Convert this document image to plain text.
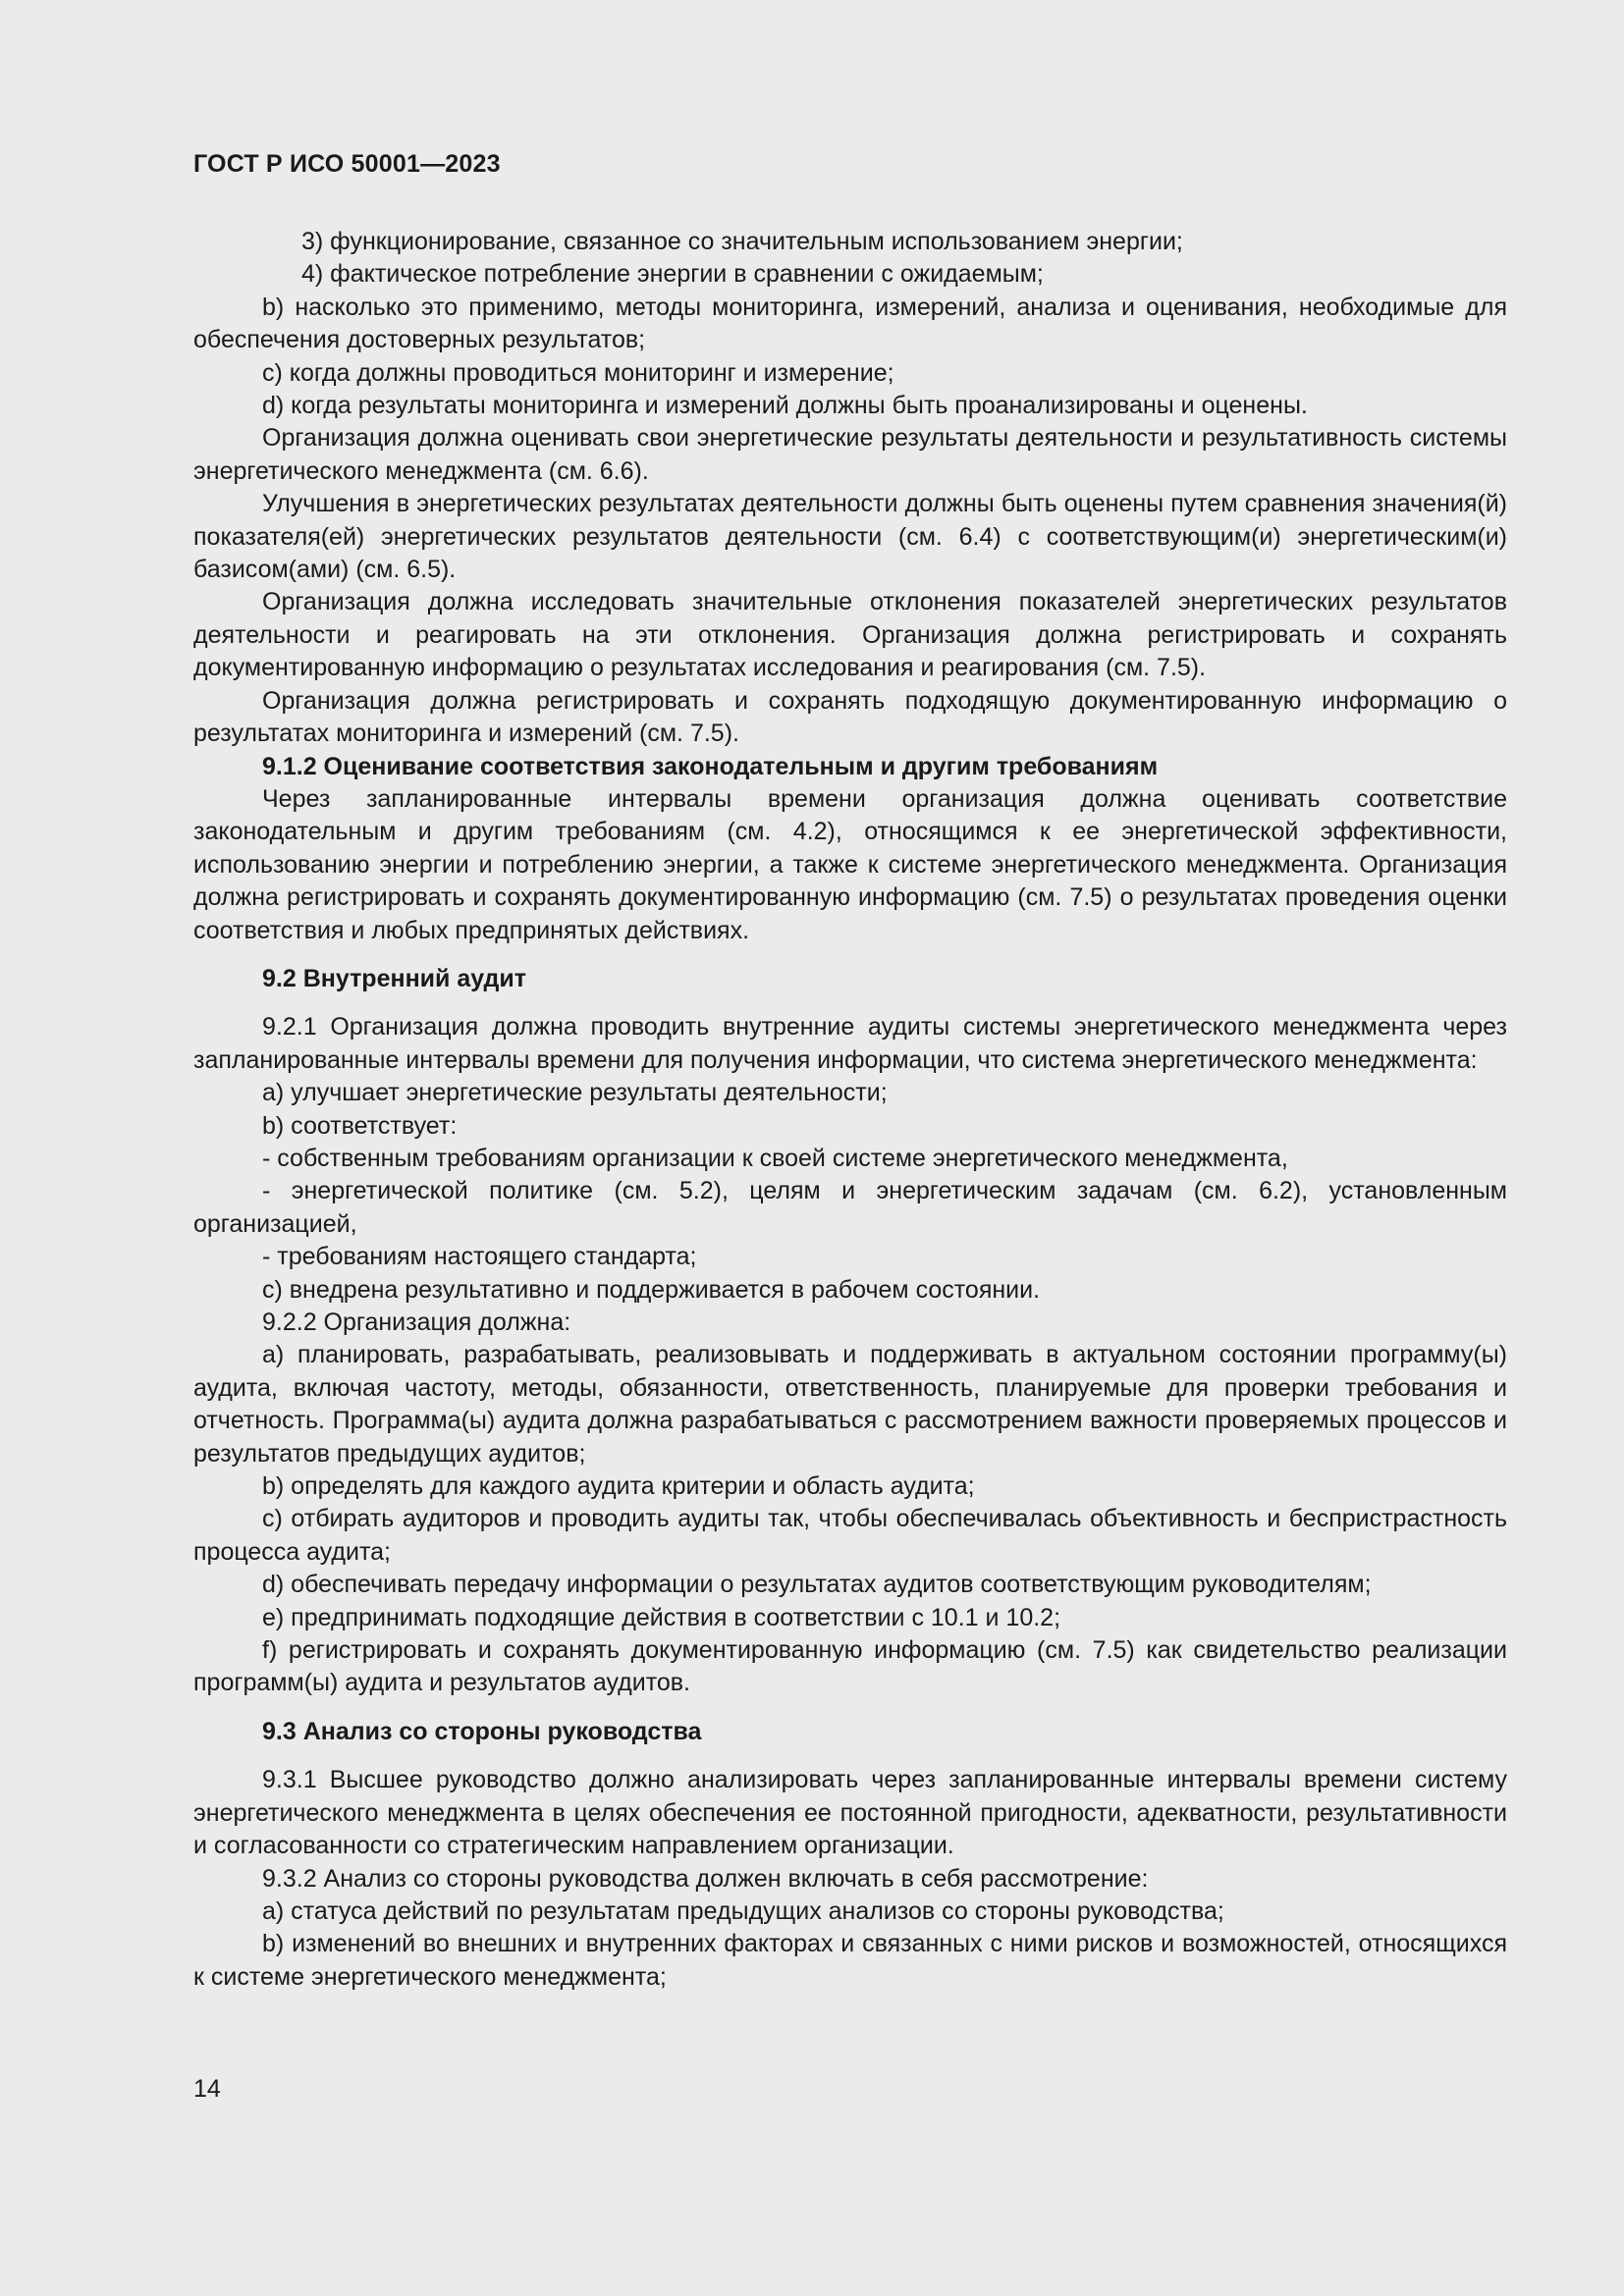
ГОСТ Р ИСО 50001—2023

3) функционирование, связанное со значительным использованием энергии;

4) фактическое потребление энергии в сравнении с ожидаемым;

b) насколько это применимо, методы мониторинга, измерений, анализа и оценивания, необходимые для обеспечения достоверных результатов;

c) когда должны проводиться мониторинг и измерение;

d) когда результаты мониторинга и измерений должны быть проанализированы и оценены.

Организация должна оценивать свои энергетические результаты деятельности и результативность системы энергетического менеджмента (см. 6.6).

Улучшения в энергетических результатах деятельности должны быть оценены путем сравнения значения(й) показателя(ей) энергетических результатов деятельности (см. 6.4) с соответствующим(и) энергетическим(и) базисом(ами) (см. 6.5).

Организация должна исследовать значительные отклонения показателей энергетических результатов деятельности и реагировать на эти отклонения. Организация должна регистрировать и сохранять документированную информацию о результатах исследования и реагирования (см. 7.5).

Организация должна регистрировать и сохранять подходящую документированную информацию о результатах мониторинга и измерений (см. 7.5).

9.1.2 Оценивание соответствия законодательным и другим требованиям

Через запланированные интервалы времени организация должна оценивать соответствие законодательным и другим требованиям (см. 4.2), относящимся к ее энергетической эффективности, использованию энергии и потреблению энергии, а также к системе энергетического менеджмента. Организация должна регистрировать и сохранять документированную информацию (см. 7.5) о результатах проведения оценки соответствия и любых предпринятых действиях.

9.2 Внутренний аудит

9.2.1 Организация должна проводить внутренние аудиты системы энергетического менеджмента через запланированные интервалы времени для получения информации, что система энергетического менеджмента:

a) улучшает энергетические результаты деятельности;

b) соответствует:

- собственным требованиям организации к своей системе энергетического менеджмента,

- энергетической политике (см. 5.2), целям и энергетическим задачам (см. 6.2), установленным организацией,

- требованиям настоящего стандарта;

c) внедрена результативно и поддерживается в рабочем состоянии.

9.2.2 Организация должна:

a) планировать, разрабатывать, реализовывать и поддерживать в актуальном состоянии программу(ы) аудита, включая частоту, методы, обязанности, ответственность, планируемые для проверки требования и отчетность. Программа(ы) аудита должна разрабатываться с рассмотрением важности проверяемых процессов и результатов предыдущих аудитов;

b) определять для каждого аудита критерии и область аудита;

c) отбирать аудиторов и проводить аудиты так, чтобы обеспечивалась объективность и беспристрастность процесса аудита;

d) обеспечивать передачу информации о результатах аудитов соответствующим руководителям;

e) предпринимать подходящие действия в соответствии с 10.1 и 10.2;

f) регистрировать и сохранять документированную информацию (см. 7.5) как свидетельство реализации программ(ы) аудита и результатов аудитов.

9.3 Анализ со стороны руководства

9.3.1 Высшее руководство должно анализировать через запланированные интервалы времени систему энергетического менеджмента в целях обеспечения ее постоянной пригодности, адекватности, результативности и согласованности со стратегическим направлением организации.

9.3.2 Анализ со стороны руководства должен включать в себя рассмотрение:

a) статуса действий по результатам предыдущих анализов со стороны руководства;

b) изменений во внешних и внутренних факторах и связанных с ними рисков и возможностей, относящихся к системе энергетического менеджмента;

14
